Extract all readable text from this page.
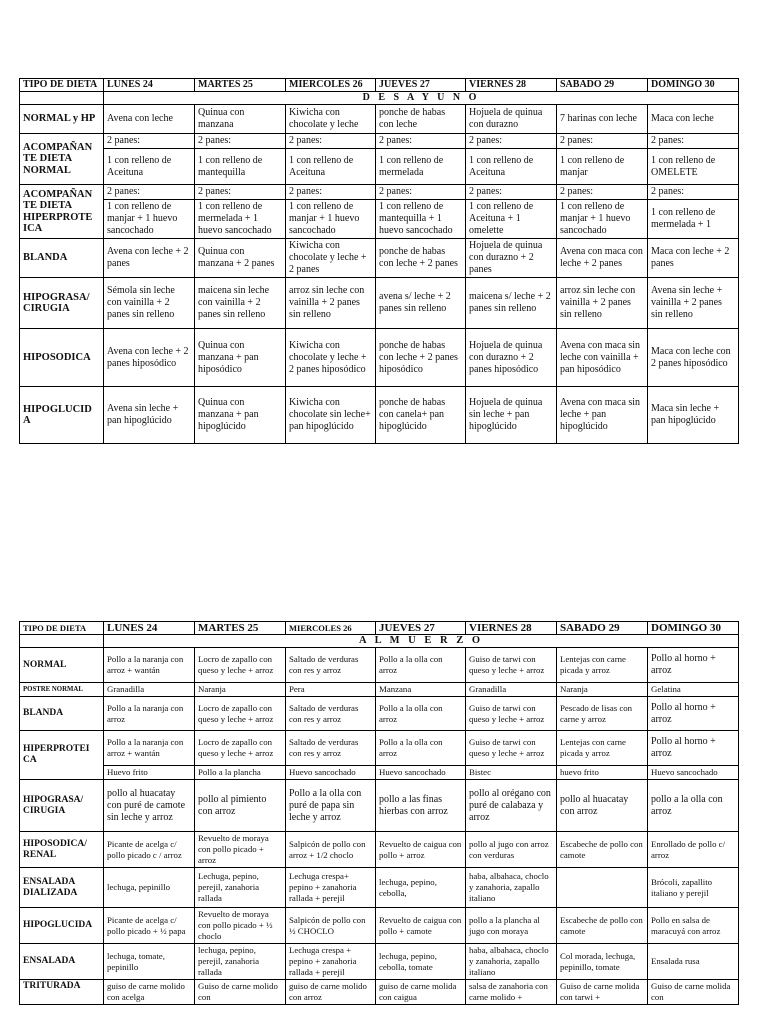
TIPO DE DIETA	LUNES 24	MARTES 25	MIERCOLES 26	JUEVES 27	VIERNES 28	SABADO 29	DOMINGO 30
	D E S A Y U N O						
NORMAL y HP	Avena con leche	Quinua con manzana	Kiwicha con chocolate y leche	ponche de habas con leche	Hojuela de quinua con durazno	7 harinas con leche	Maca con leche
ACOMPAÑAN TE DIETA NORMAL	2 panes:	2 panes:	2 panes:	2 panes:	2 panes:	2 panes:	2 panes:
	1 con relleno de Aceituna	1 con relleno de mantequilla	1 con relleno de Aceituna	1 con relleno de mermelada	1 con relleno de Aceituna	1 con relleno de manjar	1 con relleno de OMELETE
ACOMPAÑAN TE DIETA HIPERPROTE ICA	2 panes:	2 panes:	2 panes:	2 panes:	2 panes:	2 panes:	2 panes:
	1 con relleno de manjar + 1 huevo sancochado	1 con relleno de mermelada + 1 huevo sancochado	1 con relleno de manjar + 1 huevo sancochado	1 con relleno de mantequilla + 1 huevo sancochado	1 con relleno de Aceituna + 1 omelette	1 con relleno de manjar + 1 huevo sancochado	1 con relleno de mermelada + 1
BLANDA	Avena con leche + 2 panes	Quinua con manzana + 2 panes	Kiwicha con chocolate y leche + 2 panes	ponche de habas con leche + 2 panes	Hojuela de quinua con durazno + 2 panes	Avena con maca con leche + 2 panes	Maca con leche + 2 panes
HIPOGRASA/ CIRUGIA	Sémola sin leche con vainilla + 2 panes sin relleno	maicena sin leche con vainilla + 2 panes sin relleno	arroz sin leche con vainilla + 2 panes sin relleno	avena s/ leche + 2 panes sin relleno	maicena s/ leche + 2 panes sin relleno	arroz sin leche con vainilla + 2 panes sin relleno	Avena sin leche + vainilla + 2 panes sin relleno
HIPOSODICA	Avena con leche + 2 panes hiposódico	Quinua con manzana + pan hiposódico	Kiwicha con chocolate y leche + 2 panes hiposódico	ponche de habas con leche + 2 panes hiposódico	Hojuela de quinua con durazno + 2 panes hiposódico	Avena con maca sin leche con vainilla + pan hiposódico	Maca con leche con 2 panes hiposódico
HIPOGLUCID A	Avena sin leche + pan hipoglúcido	Quinua con manzana + pan hipoglúcido	Kiwicha con chocolate sin leche+ pan hipoglúcido	ponche de habas con canela+ pan hipoglúcido	Hojuela de quinua sin leche + pan hipoglúcido	Avena con maca sin leche + pan hipoglúcido	Maca sin leche + pan hipoglúcido
TIPO DE DIETA	LUNES 24	MARTES 25	MIERCOLES 26	JUEVES 27	VIERNES 28	SABADO 29	DOMINGO 30
	A L M U E R Z O						
NORMAL	Pollo a la naranja con arroz + wantán	Locro de zapallo con queso y leche + arroz	Saltado de verduras con res y arroz	Pollo a la olla con arroz	Guiso de tarwi con queso y leche + arroz	Lentejas con carne picada y arroz	Pollo al horno + arroz
POSTRE NORMAL	Granadilla	Naranja	Pera	Manzana	Granadilla	Naranja	Gelatina
BLANDA	Pollo a la naranja con arroz	Locro de zapallo con queso y leche + arroz	Saltado de verduras con res y arroz	Pollo a la olla con arroz	Guiso de tarwi con queso y leche + arroz	Pescado de lisas con carne y arroz	Pollo al horno + arroz
HIPERPROTEI CA	Pollo a la naranja con arroz + wantán	Locro de zapallo con queso y leche + arroz	Saltado de verduras con res y arroz	Pollo a la olla con arroz	Guiso de tarwi con queso y leche + arroz	Lentejas con carne picada y arroz	Pollo al horno + arroz
	Huevo frito	Pollo a la plancha	Huevo sancochado	Huevo sancochado	Bistec	huevo frito	Huevo sancochado
HIPOGRASA/ CIRUGIA	pollo al huacatay con puré de camote sin leche y arroz	pollo al pimiento con arroz	Pollo a la olla con puré de papa sin leche y arroz	pollo a las finas hierbas con arroz	pollo al orégano con puré de calabaza y arroz	pollo al huacatay con arroz	pollo a la olla con arroz
HIPOSODICA/ RENAL	Picante de acelga c/ pollo picado c / arroz	Revuelto de moraya con pollo picado + arroz	Salpicón de pollo con arroz + 1/2 choclo	Revuelto de caigua con pollo + arroz	pollo al jugo con arroz con verduras	Escabeche de pollo con camote	Enrollado de pollo c/ arroz
ENSALADA DIALIZADA	lechuga, pepinillo	Lechuga, pepino, perejil, zanahoria rallada	Lechuga crespa+ pepino + zanahoria rallada + perejil	lechuga, pepino, cebolla,	haba, albahaca, choclo y zanahoria, zapallo italiano		Brócoli, zapallito italiano y perejil
HIPOGLUCIDA	Picante de acelga c/ pollo picado + ½ papa	Revuelto de moraya con pollo picado + ½ choclo	Salpicón de pollo con ½ CHOCLO	Revuelto de caigua con pollo + camote	pollo a la plancha al jugo con moraya	Escabeche de pollo con camote	Pollo en salsa de maracuyá con arroz
ENSALADA	lechuga, tomate, pepinillo	lechuga, pepino, perejil, zanahoria rallada	Lechuga crespa + pepino + zanahoria rallada + perejil	lechuga, pepino, cebolla, tomate	haba, albahaca, choclo y zanahoria, zapallo italiano	Col morada, lechuga, pepinillo, tomate	Ensalada rusa
TRITURADA	guiso de carne molido con acelga	Guiso de carne molido con	guiso de carne molido con arroz	guiso de carne molida con caigua	salsa de zanahoria con carne molido +	Guiso de carne molida con tarwi +	Guiso de carne molida con
